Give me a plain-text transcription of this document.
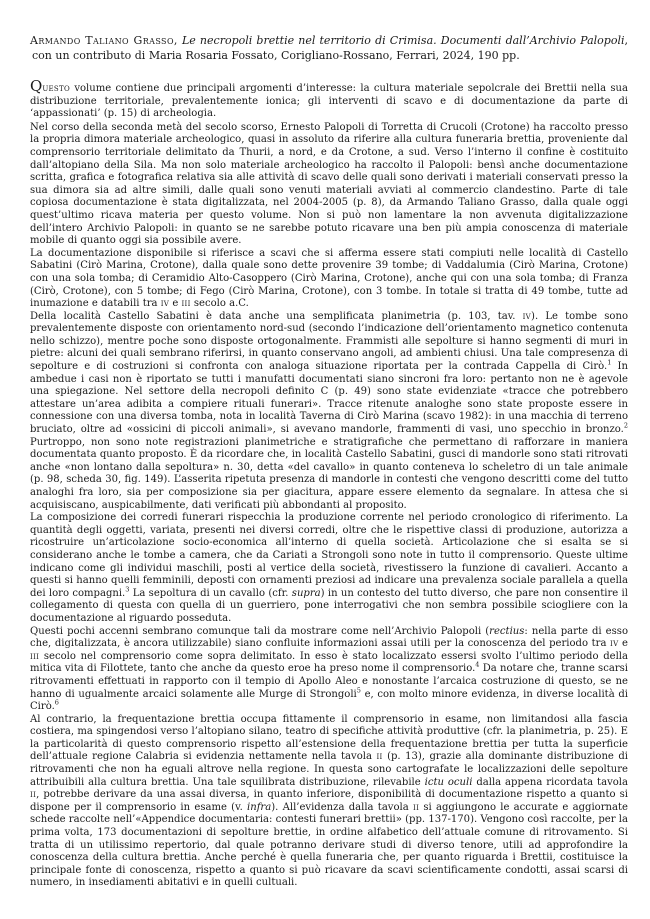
Armando Taliano Grasso, Le necropoli brettie nel territorio di Crimisa. Documenti dall’Archivio Palopoli, con un contributo di Maria Rosaria Fossato, Corigliano-Rossano, Ferrari, 2024, 190 pp.

Questo volume contiene due principali argomenti d’interesse: la cultura materiale sepolcrale dei Brettii nella sua distribuzione territoriale, prevalentemente ionica; gli interventi di scavo e di documentazione da parte di ‘appassionati’ (p. 15) di archeologia.

Nel corso della seconda metà del secolo scorso, Ernesto Palopoli di Torretta di Crucoli (Crotone) ha raccolto presso la propria dimora materiale archeologico, quasi in assoluto da riferire alla cultura funeraria brettia, proveniente dal comprensorio territoriale delimitato da Thurii, a nord, e da Crotone, a sud. Verso l’interno il confine è costituito dall’altopiano della Sila. Ma non solo materiale archeologico ha raccolto il Palopoli: bensì anche documentazione scritta, grafica e fotografica relativa sia alle attività di scavo delle quali sono derivati i materiali conservati presso la sua dimora sia ad altre simili, dalle quali sono venuti materiali avviati al commercio clandestino. Parte di tale copiosa documentazione è stata digitalizzata, nel 2004-2005 (p. 8), da Armando Taliano Grasso, dalla quale oggi quest’ultimo ricava materia per questo volume. Non si può non lamentare la non avvenuta digitalizzazione dell’intero Archivio Palopoli: in quanto se ne sarebbe potuto ricavare una ben più ampia conoscenza di materiale mobile di quanto oggi sia possibile avere.

La documentazione disponibile si riferisce a scavi che si afferma essere stati compiuti nelle località di Castello Sabatini (Cirò Marina, Crotone), dalla quale sono dette provenire 39 tombe; di Vaddalumia (Cirò Marina, Crotone) con una sola tomba; di Ceramidio Alto-Casoppero (Cirò Marina, Crotone), anche qui con una sola tomba; di Franza (Cirò, Crotone), con 5 tombe; di Fego (Cirò Marina, Crotone), con 3 tombe. In totale si tratta di 49 tombe, tutte ad inumazione e databili tra iv e iii secolo a.C.

Della località Castello Sabatini è data anche una semplificata planimetria (p. 103, tav. iv). Le tombe sono prevalentemente disposte con orientamento nord-sud (secondo l’indicazione dell’orientamento magnetico contenuta nello schizzo), mentre poche sono disposte ortogonalmente. Frammisti alle sepolture si hanno segmenti di muri in pietre: alcuni dei quali sembrano riferirsi, in quanto conservano angoli, ad ambienti chiusi. Una tale compresenza di sepolture e di costruzioni si confronta con analoga situazione riportata per la contrada Cappella di Cirò.$^1$ In ambedue i casi non è riportato se tutti i manufatti documentati siano sincroni fra loro: pertanto non ne è agevole una spiegazione. Nel settore della necropoli definito C (p. 49) sono state evidenziate «tracce che potrebbero attestare un’area adibita a compiere rituali funerari». Tracce ritenute analoghe sono state proposte essere in connessione con una diversa tomba, nota in località Taverna di Cirò Marina (scavo 1982): in una macchia di terreno bruciato, oltre ad «ossicini di piccoli animali», si avevano mandorle, frammenti di vasi, uno specchio in bronzo.$^2$ Purtroppo, non sono note registrazioni planimetriche e stratigrafiche che permettano di rafforzare in maniera documentata quanto proposto. È da ricordare che, in località Castello Sabatini, gusci di mandorle sono stati ritrovati anche «non lontano dalla sepoltura» n. 30, detta «del cavallo» in quanto conteneva lo scheletro di un tale animale (p. 98, scheda 30, fig. 149). L’asserita ripetuta presenza di mandorle in contesti che vengono descritti come del tutto analoghi fra loro, sia per composizione sia per giacitura, appare essere elemento da segnalare. In attesa che si acquisiscano, auspicabilmente, dati verificati più abbondanti al proposito.

La composizione dei corredi funerari rispecchia la produzione corrente nel periodo cronologico di riferimento. La quantità degli oggetti, variata, presenti nei diversi corredi, oltre che le rispettive classi di produzione, autorizza a ricostruire un’articolazione socio-economica all’interno di quella società. Articolazione che si esalta se si considerano anche le tombe a camera, che da Cariati a Strongoli sono note in tutto il comprensorio. Queste ultime indicano come gli individui maschili, posti al vertice della società, rivestissero la funzione di cavalieri. Accanto a questi si hanno quelli femminili, deposti con ornamenti preziosi ad indicare una prevalenza sociale parallela a quella dei loro compagni.$^3$ La sepoltura di un cavallo (cfr. supra) in un contesto del tutto diverso, che pare non consentire il collegamento di questa con quella di un guerriero, pone interrogativi che non sembra possibile sciogliere con la documentazione al riguardo posseduta.

Questi pochi accenni sembrano comunque tali da mostrare come nell’Archivio Palopoli (rectius: nella parte di esso che, digitalizzata, è ancora utilizzabile) siano confluite informazioni assai utili per la conoscenza del periodo tra iv e iii secolo nel comprensorio come sopra delimitato. In esso è stato localizzato essersi svolto l’ultimo periodo della mitica vita di Filottete, tanto che anche da questo eroe ha preso nome il comprensorio.$^4$ Da notare che, tranne scarsi ritrovamenti effettuati in rapporto con il tempio di Apollo Aleo e nonostante l’arcaica costruzione di questo, se ne hanno di ugualmente arcaici solamente alle Murge di Strongoli$^5$ e, con molto minore evidenza, in diverse località di Cirò.$^6$

Al contrario, la frequentazione brettia occupa fittamente il comprensorio in esame, non limitandosi alla fascia costiera, ma spingendosi verso l’altopiano silano, teatro di specifiche attività produttive (cfr. la planimetria, p. 25). E la particolarità di questo comprensorio rispetto all’estensione della frequentazione brettia per tutta la superficie dell’attuale regione Calabria si evidenzia nettamente nella tavola ii (p. 13), grazie alla dominante distribuzione di ritrovamenti che non ha eguali altrove nella regione. In questa sono cartografate le localizzazioni delle sepolture attribuibili alla cultura brettia. Una tale squilibrata distribuzione, rilevabile ictu oculi dalla appena ricordata tavola ii, potrebbe derivare da una assai diversa, in quanto inferiore, disponibilità di documentazione rispetto a quanto si dispone per il comprensorio in esame (v. infra). All’evidenza dalla tavola ii si aggiungono le accurate e aggiornate schede raccolte nell’«Appendice documentaria: contesti funerari brettii» (pp. 137-170). Vengono così raccolte, per la prima volta, 173 documentazioni di sepolture brettie, in ordine alfabetico dell’attuale comune di ritrovamento. Si tratta di un utilissimo repertorio, dal quale potranno derivare studi di diverso tenore, utili ad approfondire la conoscenza della cultura brettia. Anche perché è quella funeraria che, per quanto riguarda i Brettii, costituisce la principale fonte di conoscenza, rispetto a quanto si può ricavare da scavi scientificamente condotti, assai scarsi di numero, in insediamenti abitativi e in quelli cultuali.
